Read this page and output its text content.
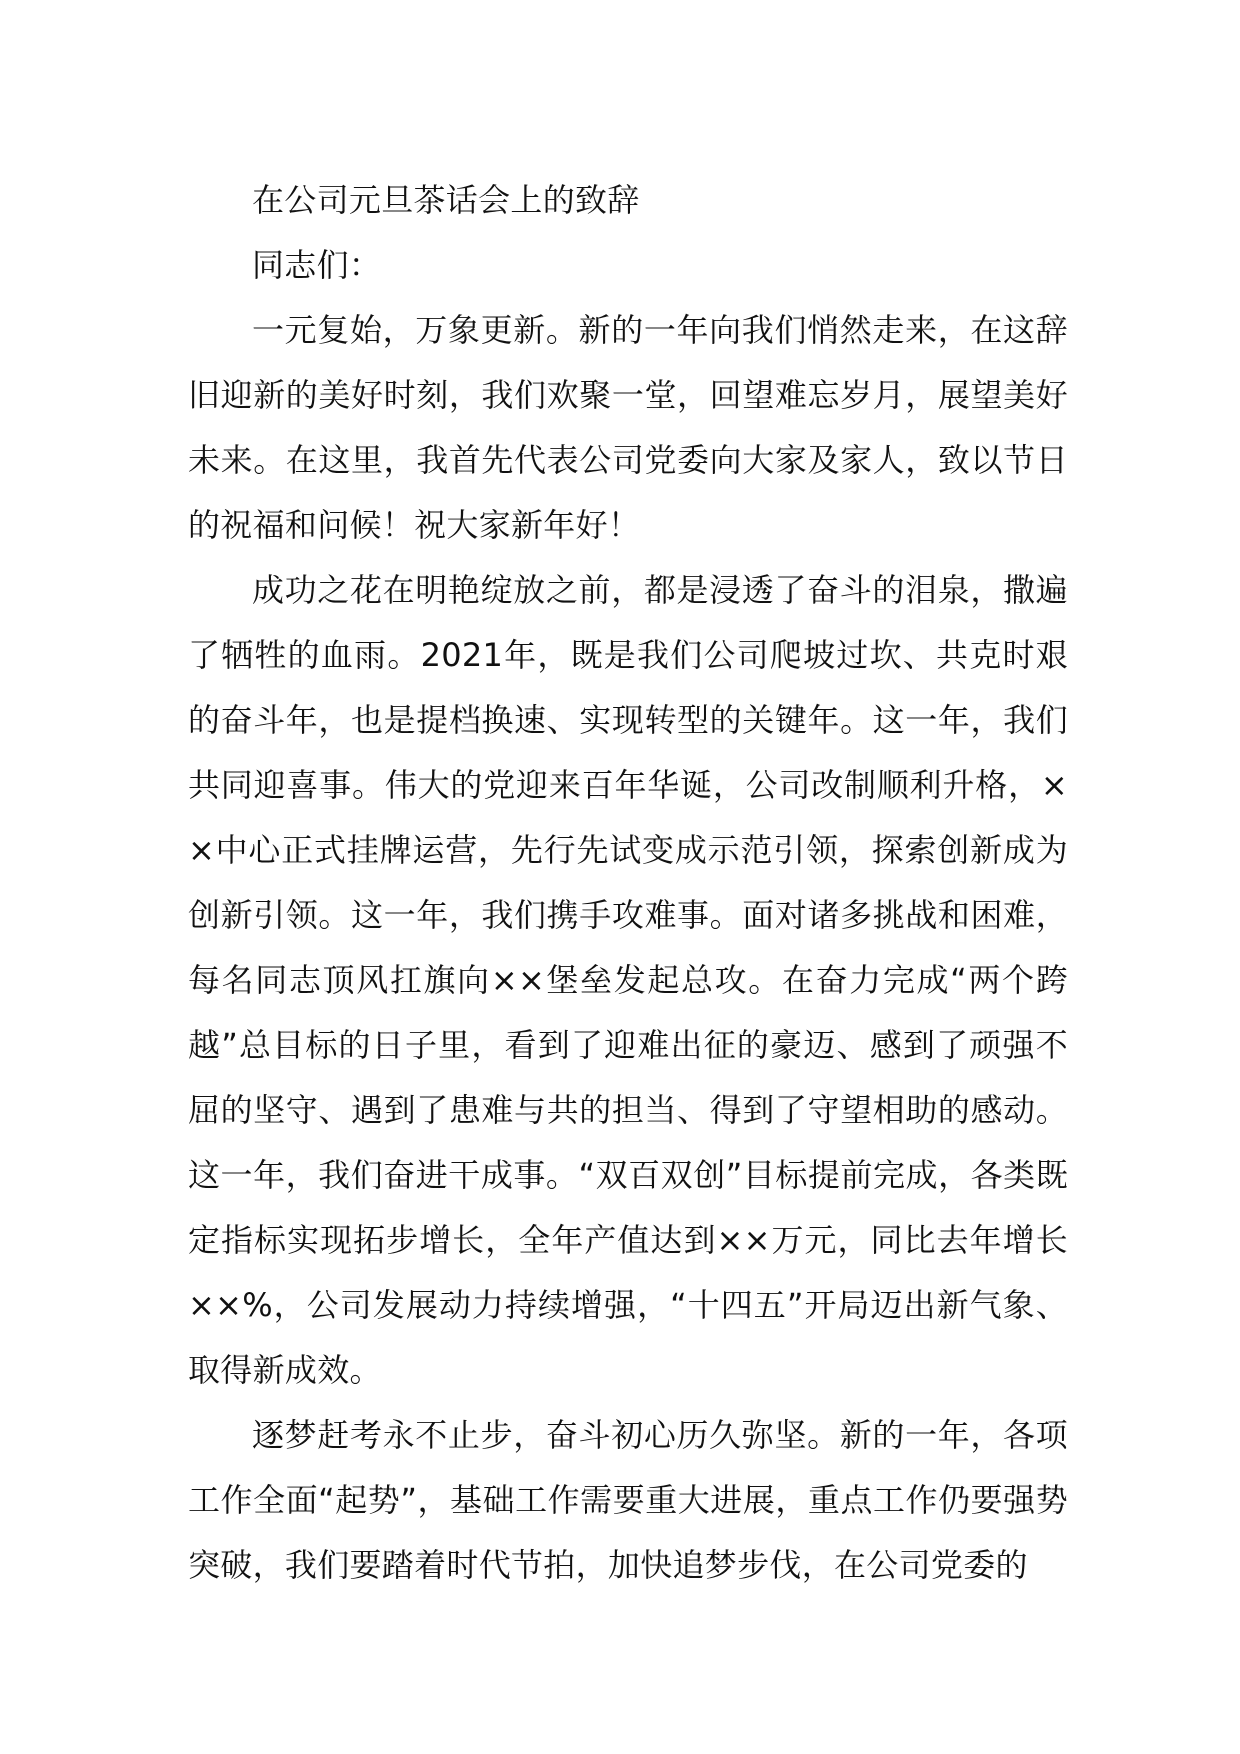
在公司元旦茶话会上的致辞

同志们：

一元复始，万象更新。新的一年向我们悄然走来，在这辞旧迎新的美好时刻，我们欢聚一堂，回望难忘岁月，展望美好未来。在这里，我首先代表公司党委向大家及家人，致以节日的祝福和问候！祝大家新年好！

成功之花在明艳绽放之前，都是浸透了奋斗的泪泉，撒遍了牺牲的血雨。2021年，既是我们公司爬坡过坎、共克时艰的奋斗年，也是提档换速、实现转型的关键年。这一年，我们共同迎喜事。伟大的党迎来百年华诞，公司改制顺利升格，××中心正式挂牌运营，先行先试变成示范引领，探索创新成为创新引领。这一年，我们携手攻难事。面对诸多挑战和困难，每名同志顶风扛旗向××堡垒发起总攻。在奋力完成“两个跨越”总目标的日子里，看到了迎难出征的豪迈、感到了顽强不屈的坚守、遇到了患难与共的担当、得到了守望相助的感动。这一年，我们奋进干成事。“双百双创”目标提前完成，各类既定指标实现拓步增长，全年产值达到××万元，同比去年增长××%，公司发展动力持续增强，“十四五”开局迈出新气象、取得新成效。

逐梦赶考永不止步，奋斗初心历久弥坚。新的一年，各项工作全面“起势”，基础工作需要重大进展，重点工作仍要强势突破，我们要踏着时代节拍，加快追梦步伐，在公司党委的
